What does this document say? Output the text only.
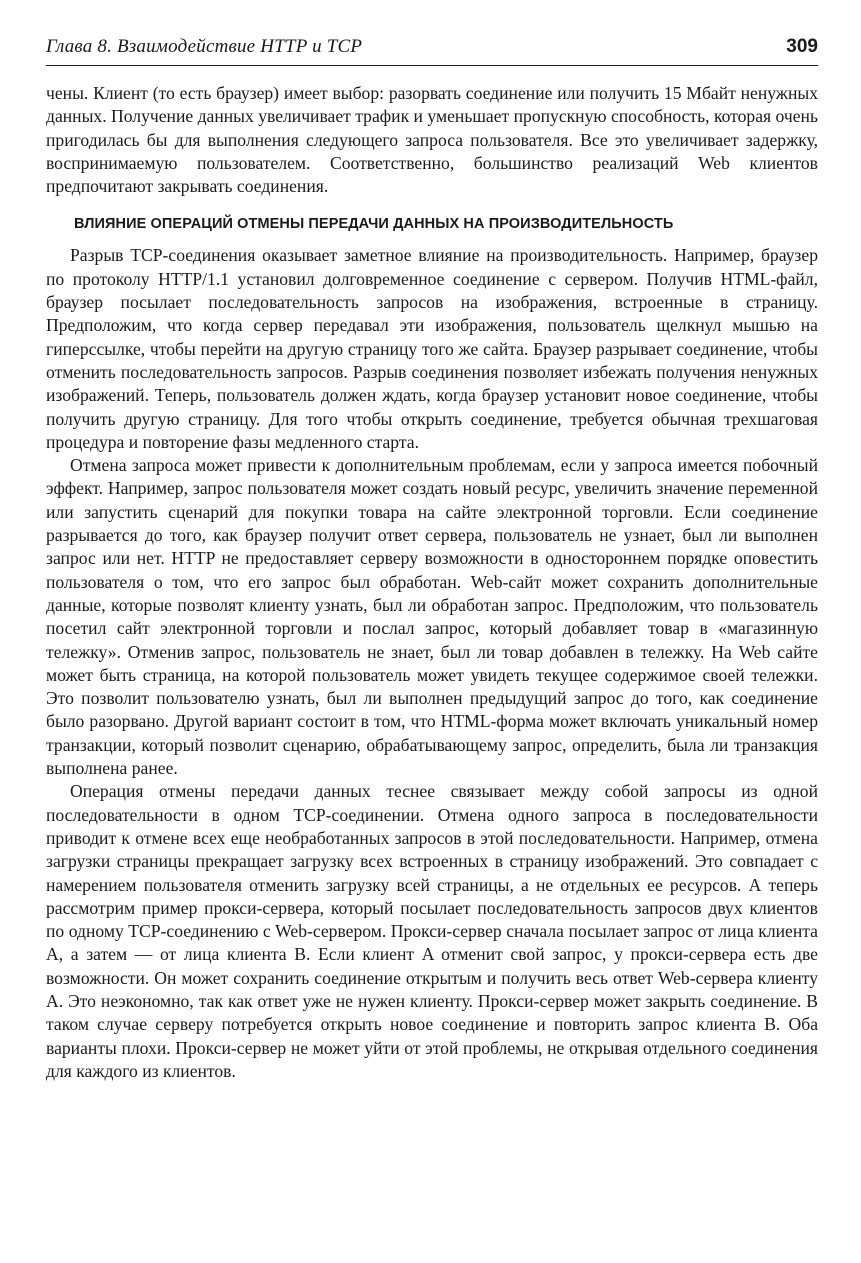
Глава 8. Взаимодействие HTTP и TCP	309

чены. Клиент (то есть браузер) имеет выбор: разорвать соединение или получить 15 Мбайт ненужных данных. Получение данных увеличивает трафик и уменьшает пропускную способность, которая очень пригодилась бы для выполнения следующего запроса пользователя. Все это увеличивает задержку, воспринимаемую пользователем. Соответственно, большинство реализаций Web клиентов предпочитают закрывать соединения.

ВЛИЯНИЕ ОПЕРАЦИЙ ОТМЕНЫ ПЕРЕДАЧИ ДАННЫХ НА ПРОИЗВОДИТЕЛЬНОСТЬ

Разрыв TCP-соединения оказывает заметное влияние на производительность. Например, браузер по протоколу HTTP/1.1 установил долговременное соединение с сервером. Получив HTML-файл, браузер посылает последовательность запросов на изображения, встроенные в страницу. Предположим, что когда сервер передавал эти изображения, пользователь щелкнул мышью на гиперссылке, чтобы перейти на другую страницу того же сайта. Браузер разрывает соединение, чтобы отменить последовательность запросов. Разрыв соединения позволяет избежать получения ненужных изображений. Теперь, пользователь должен ждать, когда браузер установит новое соединение, чтобы получить другую страницу. Для того чтобы открыть соединение, требуется обычная трехшаговая процедура и повторение фазы медленного старта.

Отмена запроса может привести к дополнительным проблемам, если у запроса имеется побочный эффект. Например, запрос пользователя может создать новый ресурс, увеличить значение переменной или запустить сценарий для покупки товара на сайте электронной торговли. Если соединение разрывается до того, как браузер получит ответ сервера, пользователь не узнает, был ли выполнен запрос или нет. HTTP не предоставляет серверу возможности в одностороннем порядке оповестить пользователя о том, что его запрос был обработан. Web-сайт может сохранить дополнительные данные, которые позволят клиенту узнать, был ли обработан запрос. Предположим, что пользователь посетил сайт электронной торговли и послал запрос, который добавляет товар в «магазинную тележку». Отменив запрос, пользователь не знает, был ли товар добавлен в тележку. На Web сайте может быть страница, на которой пользователь может увидеть текущее содержимое своей тележки. Это позволит пользователю узнать, был ли выполнен предыдущий запрос до того, как соединение было разорвано. Другой вариант состоит в том, что HTML-форма может включать уникальный номер транзакции, который позволит сценарию, обрабатывающему запрос, определить, была ли транзакция выполнена ранее.

Операция отмены передачи данных теснее связывает между собой запросы из одной последовательности в одном TCP-соединении. Отмена одного запроса в последовательности приводит к отмене всех еще необработанных запросов в этой последовательности. Например, отмена загрузки страницы прекращает загрузку всех встроенных в страницу изображений. Это совпадает с намерением пользователя отменить загрузку всей страницы, а не отдельных ее ресурсов. А теперь рассмотрим пример прокси-сервера, который посылает последовательность запросов двух клиентов по одному TCP-соединению с Web-сервером. Прокси-сервер сначала посылает запрос от лица клиента A, а затем — от лица клиента B. Если клиент A отменит свой запрос, у прокси-сервера есть две возможности. Он может сохранить соединение открытым и получить весь ответ Web-сервера клиенту A. Это неэкономно, так как ответ уже не нужен клиенту. Прокси-сервер может закрыть соединение. В таком случае серверу потребуется открыть новое соединение и повторить запрос клиента B. Оба варианты плохи. Прокси-сервер не может уйти от этой проблемы, не открывая отдельного соединения для каждого из клиентов.
